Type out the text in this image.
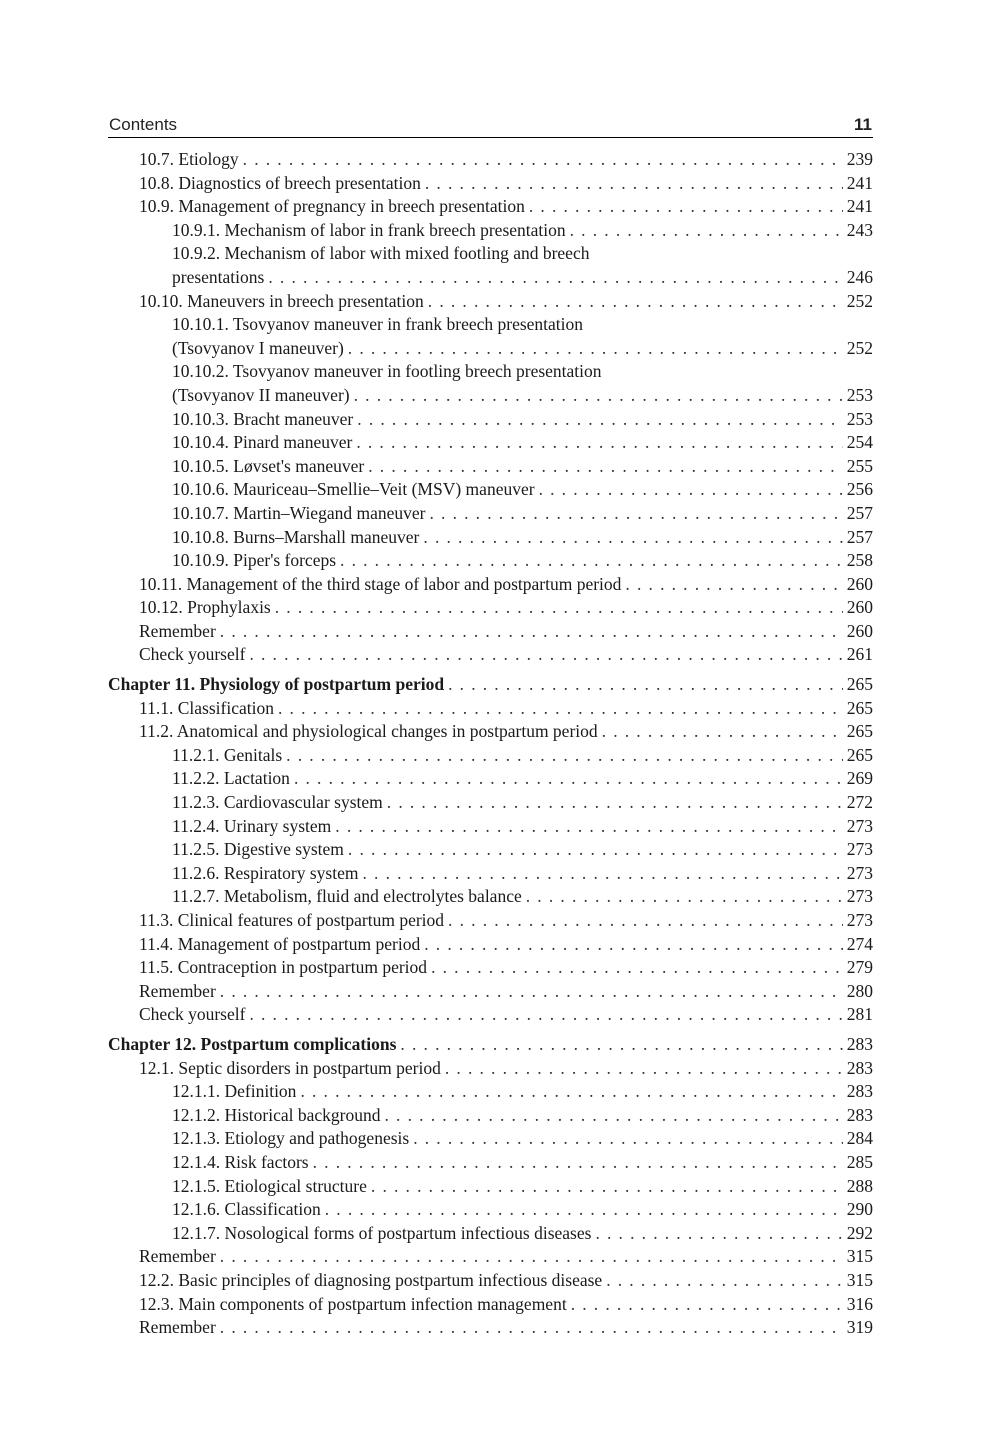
Contents	11
10.7. Etiology . . .	239
10.8. Diagnostics of breech presentation . . .	241
10.9. Management of pregnancy in breech presentation . . .	241
10.9.1. Mechanism of labor in frank breech presentation . . .	243
10.9.2. Mechanism of labor with mixed footling and breech
presentations . . .	246
10.10. Maneuvers in breech presentation . . .	252
10.10.1. Tsovyanov maneuver in frank breech presentation
(Tsovyanov I maneuver) . . .	252
10.10.2. Tsovyanov maneuver in footling breech presentation
(Tsovyanov II maneuver) . . .	253
10.10.3. Bracht maneuver . . .	253
10.10.4. Pinard maneuver . . .	254
10.10.5. Løvset's maneuver . . .	255
10.10.6. Mauriceau–Smellie–Veit (MSV) maneuver . . .	256
10.10.7. Martin–Wiegand maneuver . . .	257
10.10.8. Burns–Marshall maneuver . . .	257
10.10.9. Piper's forceps . . .	258
10.11. Management of the third stage of labor and postpartum period . . .	260
10.12. Prophylaxis . . .	260
Remember . . .	260
Check yourself . . .	261
Chapter 11. Physiology of postpartum period . . .	265
11.1. Classification . . .	265
11.2. Anatomical and physiological changes in postpartum period . . .	265
11.2.1. Genitals . . .	265
11.2.2. Lactation . . .	269
11.2.3. Cardiovascular system . . .	272
11.2.4. Urinary system . . .	273
11.2.5. Digestive system . . .	273
11.2.6. Respiratory system . . .	273
11.2.7. Metabolism, fluid and electrolytes balance . . .	273
11.3. Clinical features of postpartum period . . .	273
11.4. Management of postpartum period . . .	274
11.5. Contraception in postpartum period . . .	279
Remember . . .	280
Check yourself . . .	281
Chapter 12. Postpartum complications . . .	283
12.1. Septic disorders in postpartum period . . .	283
12.1.1. Definition . . .	283
12.1.2. Historical background . . .	283
12.1.3. Etiology and pathogenesis . . .	284
12.1.4. Risk factors . . .	285
12.1.5. Etiological structure . . .	288
12.1.6. Classification . . .	290
12.1.7. Nosological forms of postpartum infectious diseases . . .	292
Remember . . .	315
12.2. Basic principles of diagnosing postpartum infectious disease . . .	315
12.3. Main components of postpartum infection management . . .	316
Remember . . .	319
